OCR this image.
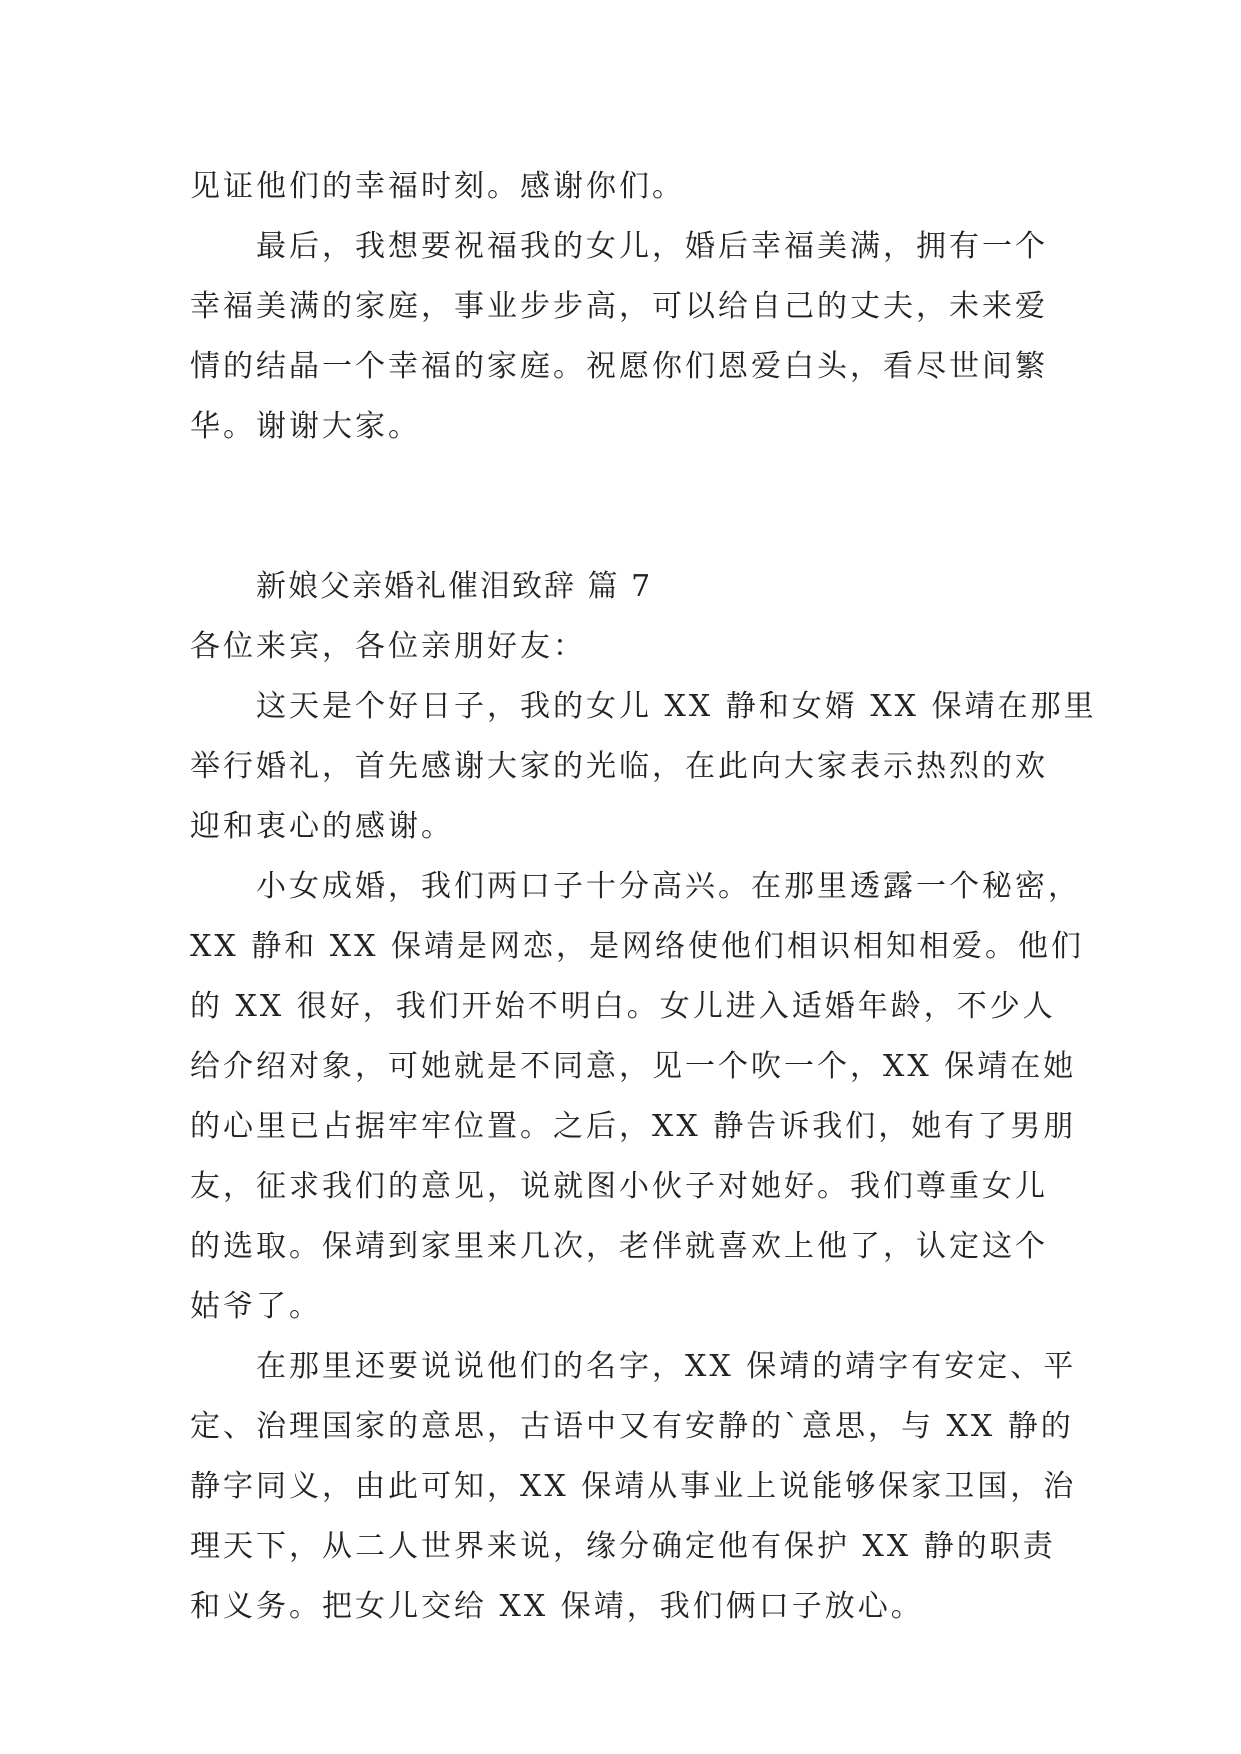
见证他们的幸福时刻。感谢你们。
最后，我想要祝福我的女儿，婚后幸福美满，拥有一个
幸福美满的家庭，事业步步高，可以给自己的丈夫，未来爱
情的结晶一个幸福的家庭。祝愿你们恩爱白头，看尽世间繁
华。谢谢大家。
新娘父亲婚礼催泪致辞 篇 7
各位来宾，各位亲朋好友：
这天是个好日子，我的女儿 XX 静和女婿 XX 保靖在那里
举行婚礼，首先感谢大家的光临，在此向大家表示热烈的欢
迎和衷心的感谢。
小女成婚，我们两口子十分高兴。在那里透露一个秘密，
XX 静和 XX 保靖是网恋，是网络使他们相识相知相爱。他们
的 XX 很好，我们开始不明白。女儿进入适婚年龄，不少人
给介绍对象，可她就是不同意，见一个吹一个，XX 保靖在她
的心里已占据牢牢位置。之后，XX 静告诉我们，她有了男朋
友，征求我们的意见，说就图小伙子对她好。我们尊重女儿
的选取。保靖到家里来几次，老伴就喜欢上他了，认定这个
姑爷了。
在那里还要说说他们的名字，XX 保靖的靖字有安定、平
定、治理国家的意思，古语中又有安静的`意思，与 XX 静的
静字同义，由此可知，XX 保靖从事业上说能够保家卫国，治
理天下，从二人世界来说，缘分确定他有保护 XX 静的职责
和义务。把女儿交给 XX 保靖，我们俩口子放心。
